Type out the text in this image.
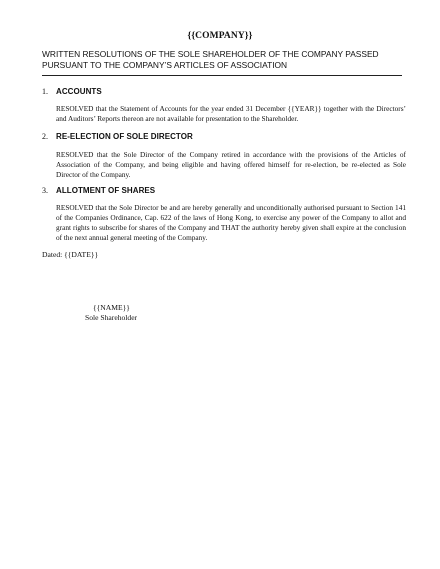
{{COMPANY}}
WRITTEN RESOLUTIONS OF THE SOLE SHAREHOLDER OF THE COMPANY PASSED PURSUANT TO THE COMPANY’S ARTICLES OF ASSOCIATION
1. ACCOUNTS

RESOLVED that the Statement of Accounts for the year ended 31 December {{YEAR}} together with the Directors’ and Auditors’ Reports thereon are not available for presentation to the Shareholder.

2. RE-ELECTION OF SOLE DIRECTOR

RESOLVED that the Sole Director of the Company retired in accordance with the provisions of the Articles of Association of the Company, and being eligible and having offered himself for re-election, be re-elected as Sole Director of the Company.

3. ALLOTMENT OF SHARES

RESOLVED that the Sole Director be and are hereby generally and unconditionally authorised pursuant to Section 141 of the Companies Ordinance, Cap. 622 of the laws of Hong Kong, to exercise any power of the Company to allot and grant rights to subscribe for shares of the Company and THAT the authority hereby given shall expire at the conclusion of the next annual general meeting of the Company.

Dated: {{DATE}}
{{NAME}}
Sole Shareholder
